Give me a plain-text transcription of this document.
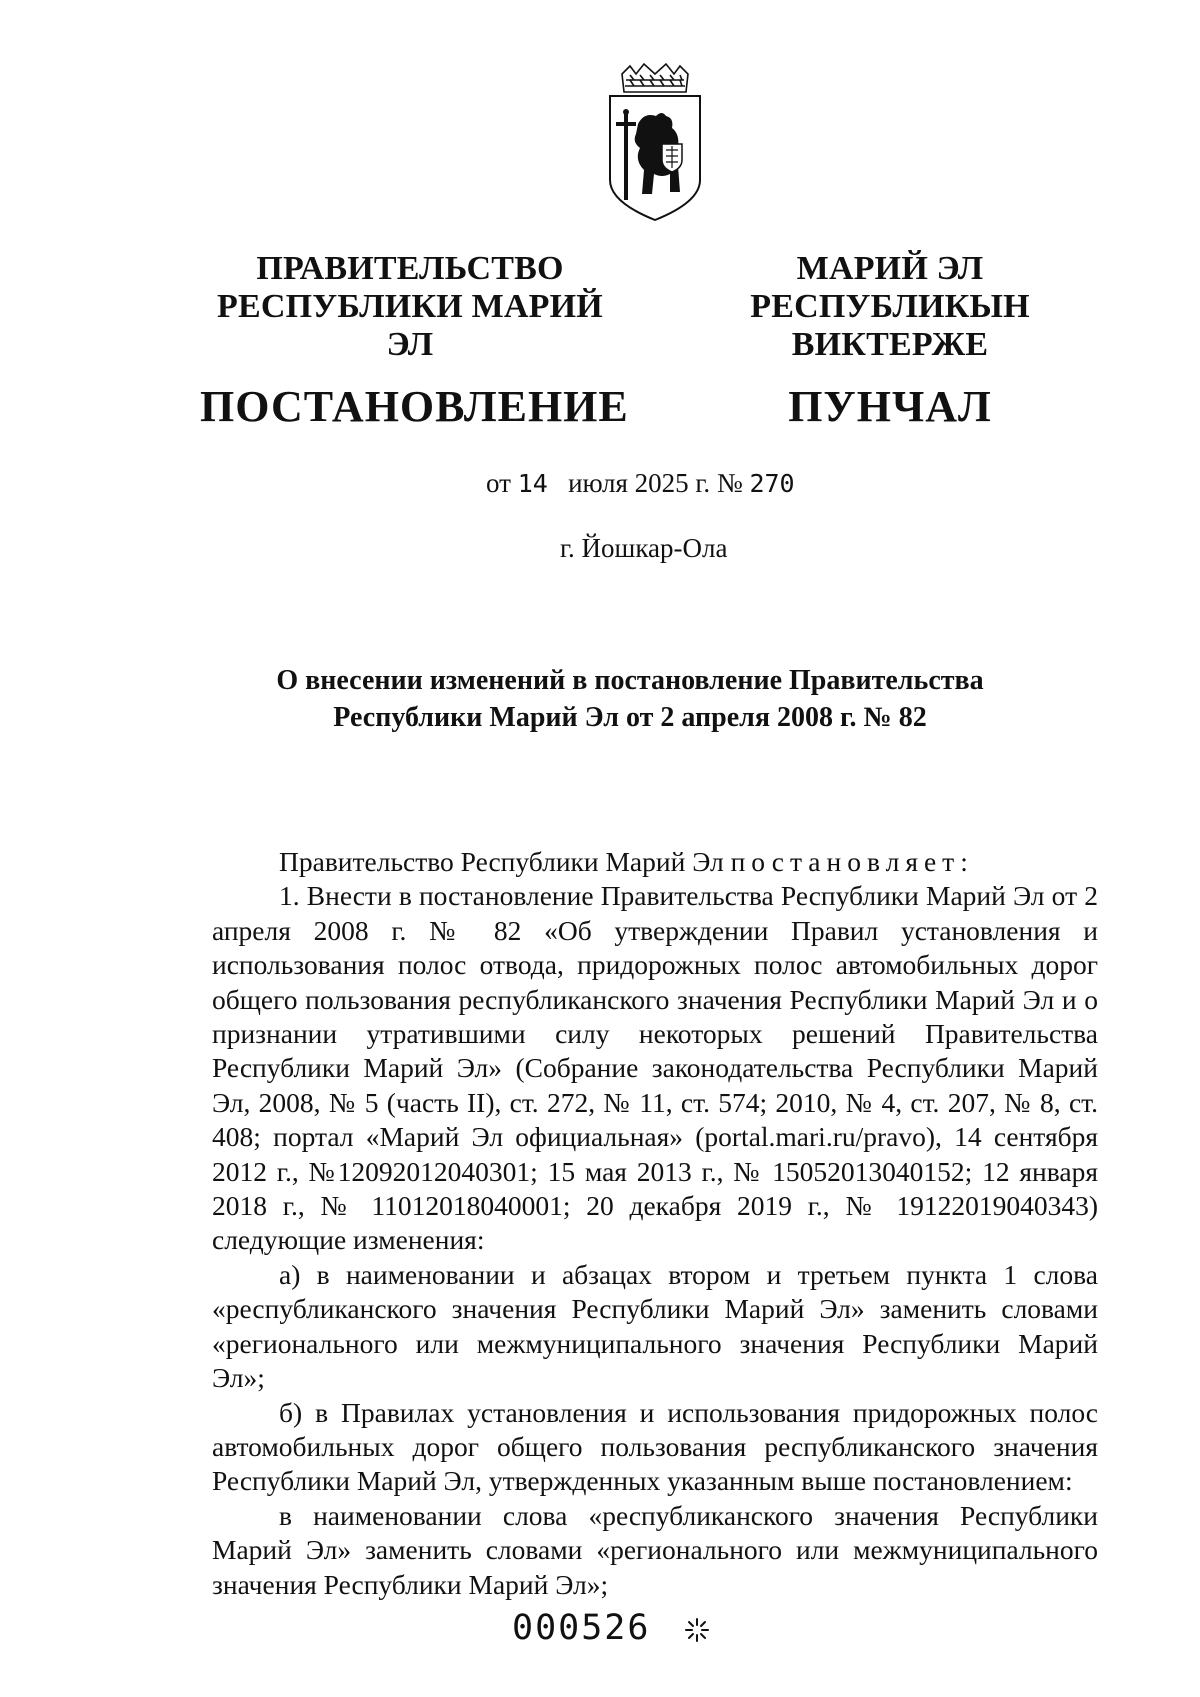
ПРАВИТЕЛЬСТВО
РЕСПУБЛИКИ МАРИЙ ЭЛ
ПОСТАНОВЛЕНИЕ
МАРИЙ ЭЛ РЕСПУБЛИКЫН
ВИКТЕРЖЕ
ПУНЧАЛ
от 14 июля 2025 г. № 270
г. Йошкар-Ола
О внесении изменений в постановление Правительства
Республики Марий Эл от 2 апреля 2008 г. № 82

Правительство Республики Марий Эл постановляет:

1. Внести в постановление Правительства Республики Марий Эл от 2 апреля 2008 г. № 82 «Об утверждении Правил установления и использования полос отвода, придорожных полос автомобильных дорог общего пользования республиканского значения Республики Марий Эл и о признании утратившими силу некоторых решений Правительства Республики Марий Эл» (Собрание законодательства Республики Марий Эл, 2008, № 5 (часть II), ст. 272, № 11, ст. 574; 2010, № 4, ст. 207, № 8, ст. 408; портал «Марий Эл официальная» (portal.mari.ru/pravo), 14 сентября 2012 г., №12092012040301; 15 мая 2013 г., № 15052013040152; 12 января 2018 г., № 11012018040001; 20 декабря 2019 г., № 19122019040343) следующие изменения:

а) в наименовании и абзацах втором и третьем пункта 1 слова «республиканского значения Республики Марий Эл» заменить словами «регионального или межмуниципального значения Республики Марий Эл»;

б) в Правилах установления и использования придорожных полос автомобильных дорог общего пользования республиканского значения Республики Марий Эл, утвержденных указанным выше постановлением:

в наименовании слова «республиканского значения Республики Марий Эл» заменить словами «регионального или межмуниципального значения Республики Марий Эл»;

000526
